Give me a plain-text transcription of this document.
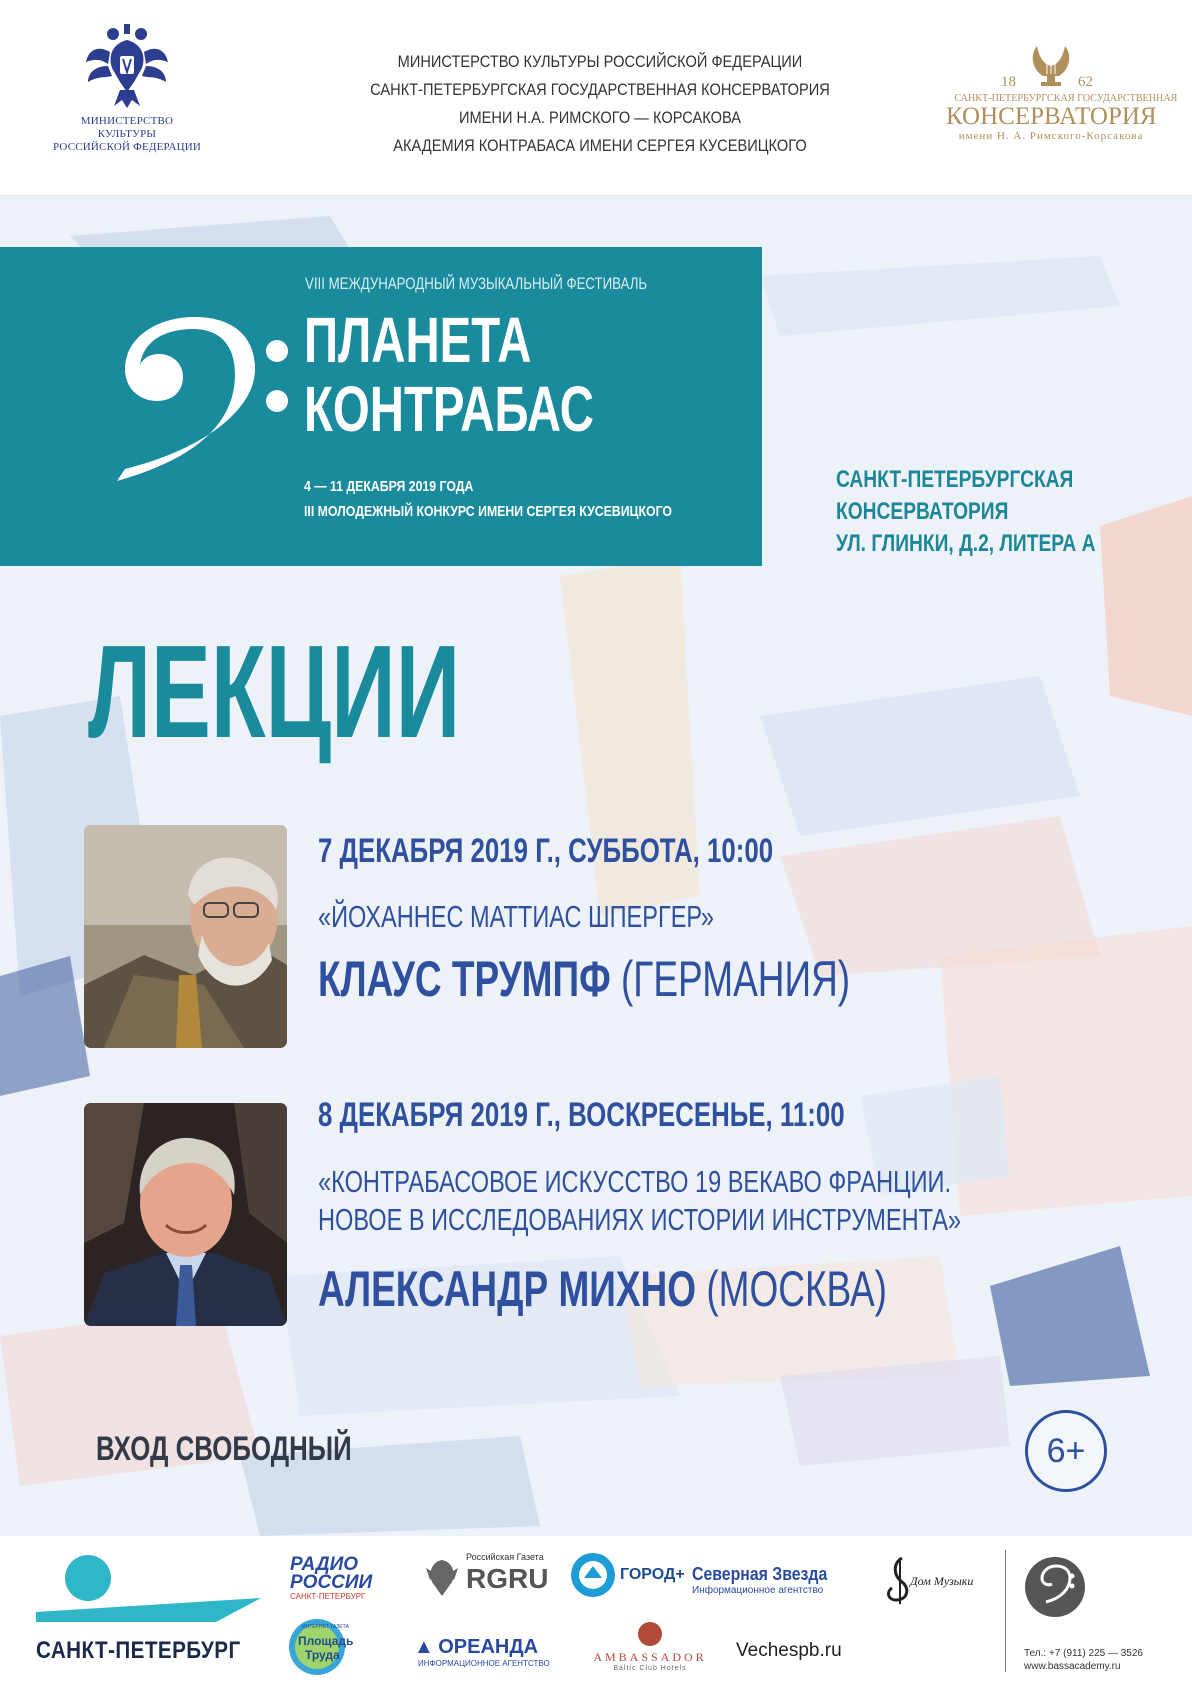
МИНИСТЕРСТВО КУЛЬТУРЫ
РОССИЙСКОЙ ФЕДЕРАЦИИ
МИНИСТЕРСТВО КУЛЬТУРЫ РОССИЙСКОЙ ФЕДЕРАЦИИ
САНКТ-ПЕТЕРБУРГСКАЯ ГОСУДАРСТВЕННАЯ КОНСЕРВАТОРИЯ
ИМЕНИ Н.А. РИМСКОГО — КОРСАКОВА
АКАДЕМИЯ КОНТРАБАСА ИМЕНИ СЕРГЕЯ КУСЕВИЦКОГО
18	62
САНКТ-ПЕТЕРБУРГСКАЯ ГОСУДАРСТВЕННАЯ
КОНСЕРВАТОРИЯ
имени Н. А. Римского-Корсакова
VIII МЕЖДУНАРОДНЫЙ МУЗЫКАЛЬНЫЙ ФЕСТИВАЛЬ
ПЛАНЕТА
КОНТРАБАС
4 — 11 ДЕКАБРЯ 2019 ГОДА
III МОЛОДЕЖНЫЙ КОНКУРС ИМЕНИ СЕРГЕЯ КУСЕВИЦКОГО
САНКТ-ПЕТЕРБУРГСКАЯ
КОНСЕРВАТОРИЯ
УЛ. ГЛИНКИ, Д.2, ЛИТЕРА А
ЛЕКЦИИ
7 ДЕКАБРЯ 2019 Г., СУББОТА, 10:00
«ЙОХАННЕС МАТТИАС ШПЕРГЕР»
КЛАУС ТРУМПФ (ГЕРМАНИЯ)
8 ДЕКАБРЯ 2019 Г., ВОСКРЕСЕНЬЕ, 11:00
«КОНТРАБАСОВОЕ ИСКУССТВО 19 ВЕКАВО ФРАНЦИИ.
НОВОЕ В ИССЛЕДОВАНИЯХ ИСТОРИИ ИНСТРУМЕНТА»
АЛЕКСАНДР МИХНО (МОСКВА)
ВХОД СВОБОДНЫЙ	6+
САНКТ-ПЕТЕРБУРГ
РАДИО
РОССИИ
САНКТ-ПЕТЕРБУРГ
Российская Газета
RGRU	ГОРОД+ Северная Звезда
Информационное агентство
Дом Музыки
ИНТЕРНЕТ-ГАЗЕТА
Площадь
Труда	▲ ОРЕАНДА
ИНФОРМАЦИОННОЕ АГЕНТСТВО	AMBASSADOR
Baltic Club Hotels
Vechespb.ru	Тел.: +7 (911) 225 — 3526
www.bassacademy.ru
